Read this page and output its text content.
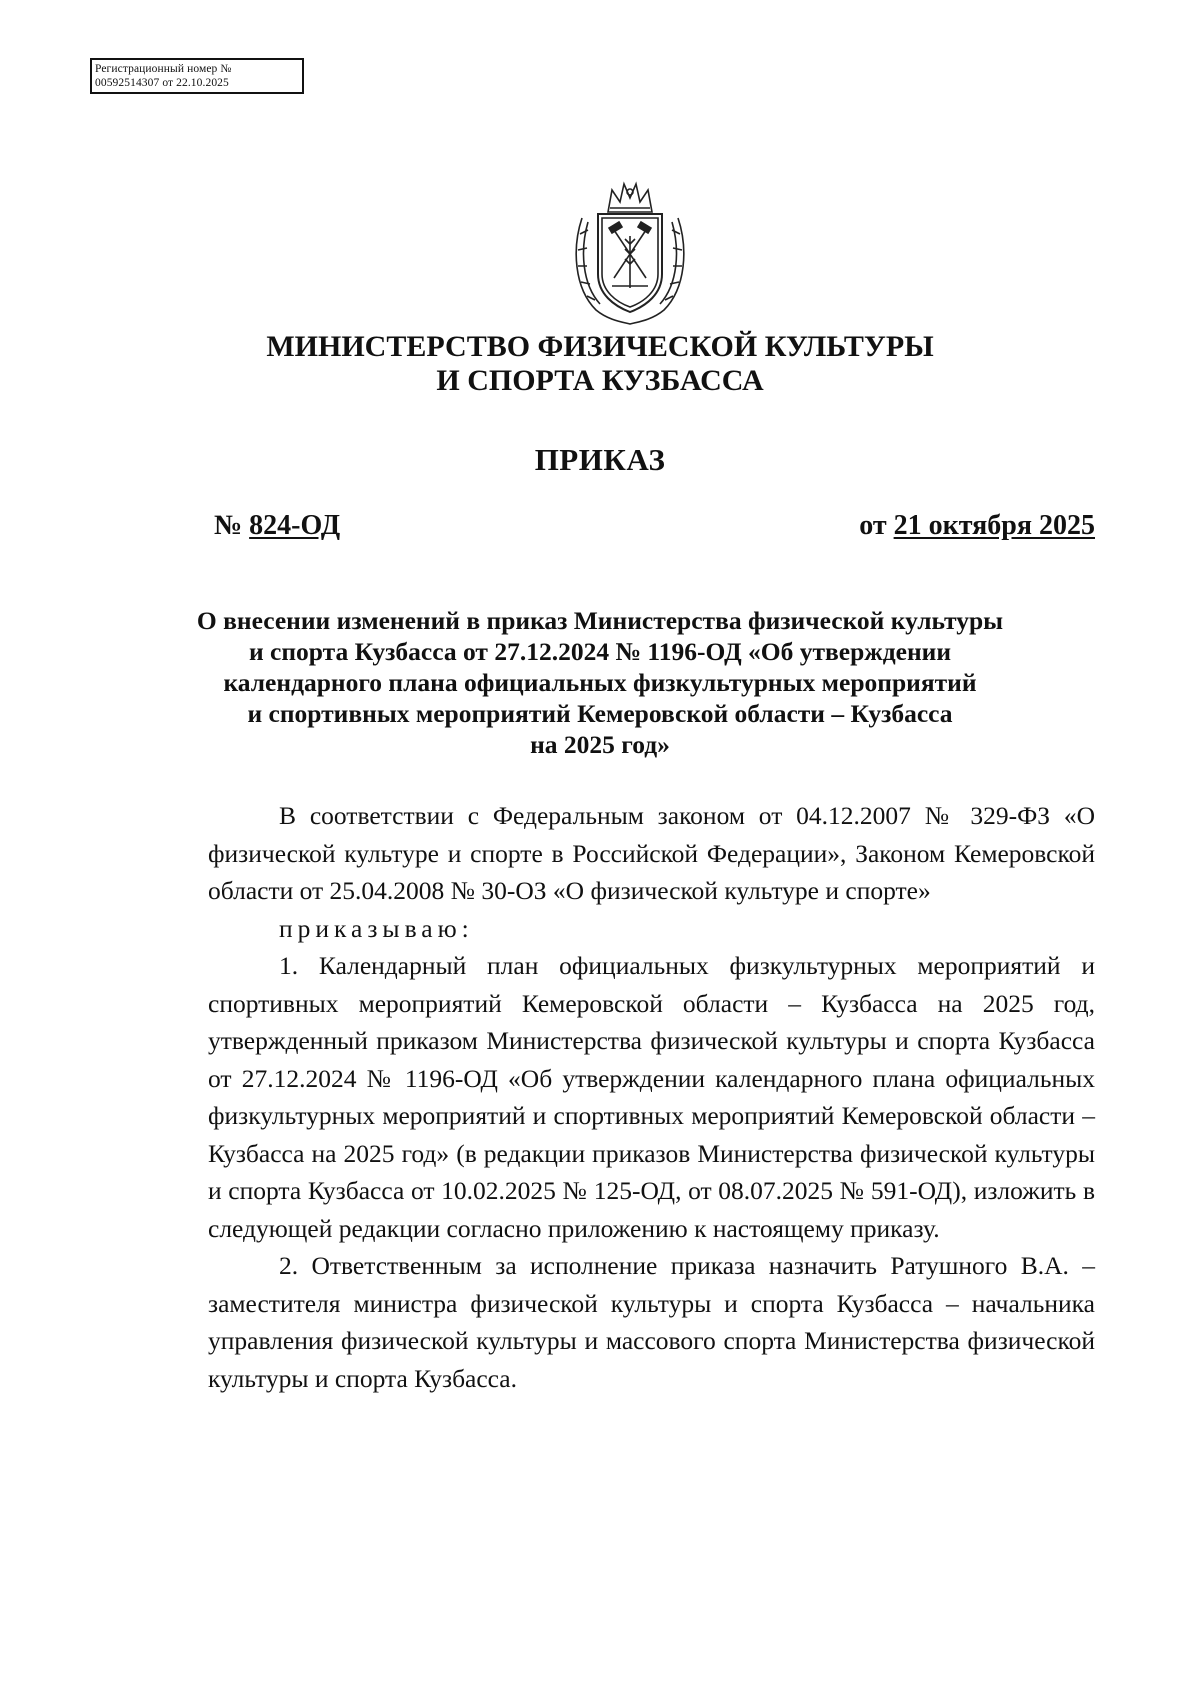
Регистрационный номер №
00592514307 от 22.10.2025
МИНИСТЕРСТВО ФИЗИЧЕСКОЙ КУЛЬТУРЫ
И СПОРТА КУЗБАССА
ПРИКАЗ
№ 824-ОД	от 21 октября 2025
О внесении изменений в приказ Министерства физической культуры
и спорта Кузбасса от 27.12.2024 № 1196-ОД «Об утверждении
календарного плана официальных физкультурных мероприятий
и спортивных мероприятий Кемеровской области – Кузбасса
на 2025 год»

В соответствии с Федеральным законом от 04.12.2007 № 329-ФЗ «О физической культуре и спорте в Российской Федерации», Законом Кемеровской области от 25.04.2008 № 30-ОЗ «О физической культуре и спорте»

приказываю:

1. Календарный план официальных физкультурных мероприятий и спортивных мероприятий Кемеровской области – Кузбасса на 2025 год, утвержденный приказом Министерства физической культуры и спорта Кузбасса от 27.12.2024 № 1196-ОД «Об утверждении календарного плана официальных физкультурных мероприятий и спортивных мероприятий Кемеровской области – Кузбасса на 2025 год» (в редакции приказов Министерства физической культуры и спорта Кузбасса от 10.02.2025 № 125-ОД, от 08.07.2025 № 591-ОД), изложить в следующей редакции согласно приложению к настоящему приказу.

2. Ответственным за исполнение приказа назначить Ратушного В.А. – заместителя министра физической культуры и спорта Кузбасса – начальника управления физической культуры и массового спорта Министерства физической культуры и спорта Кузбасса.
